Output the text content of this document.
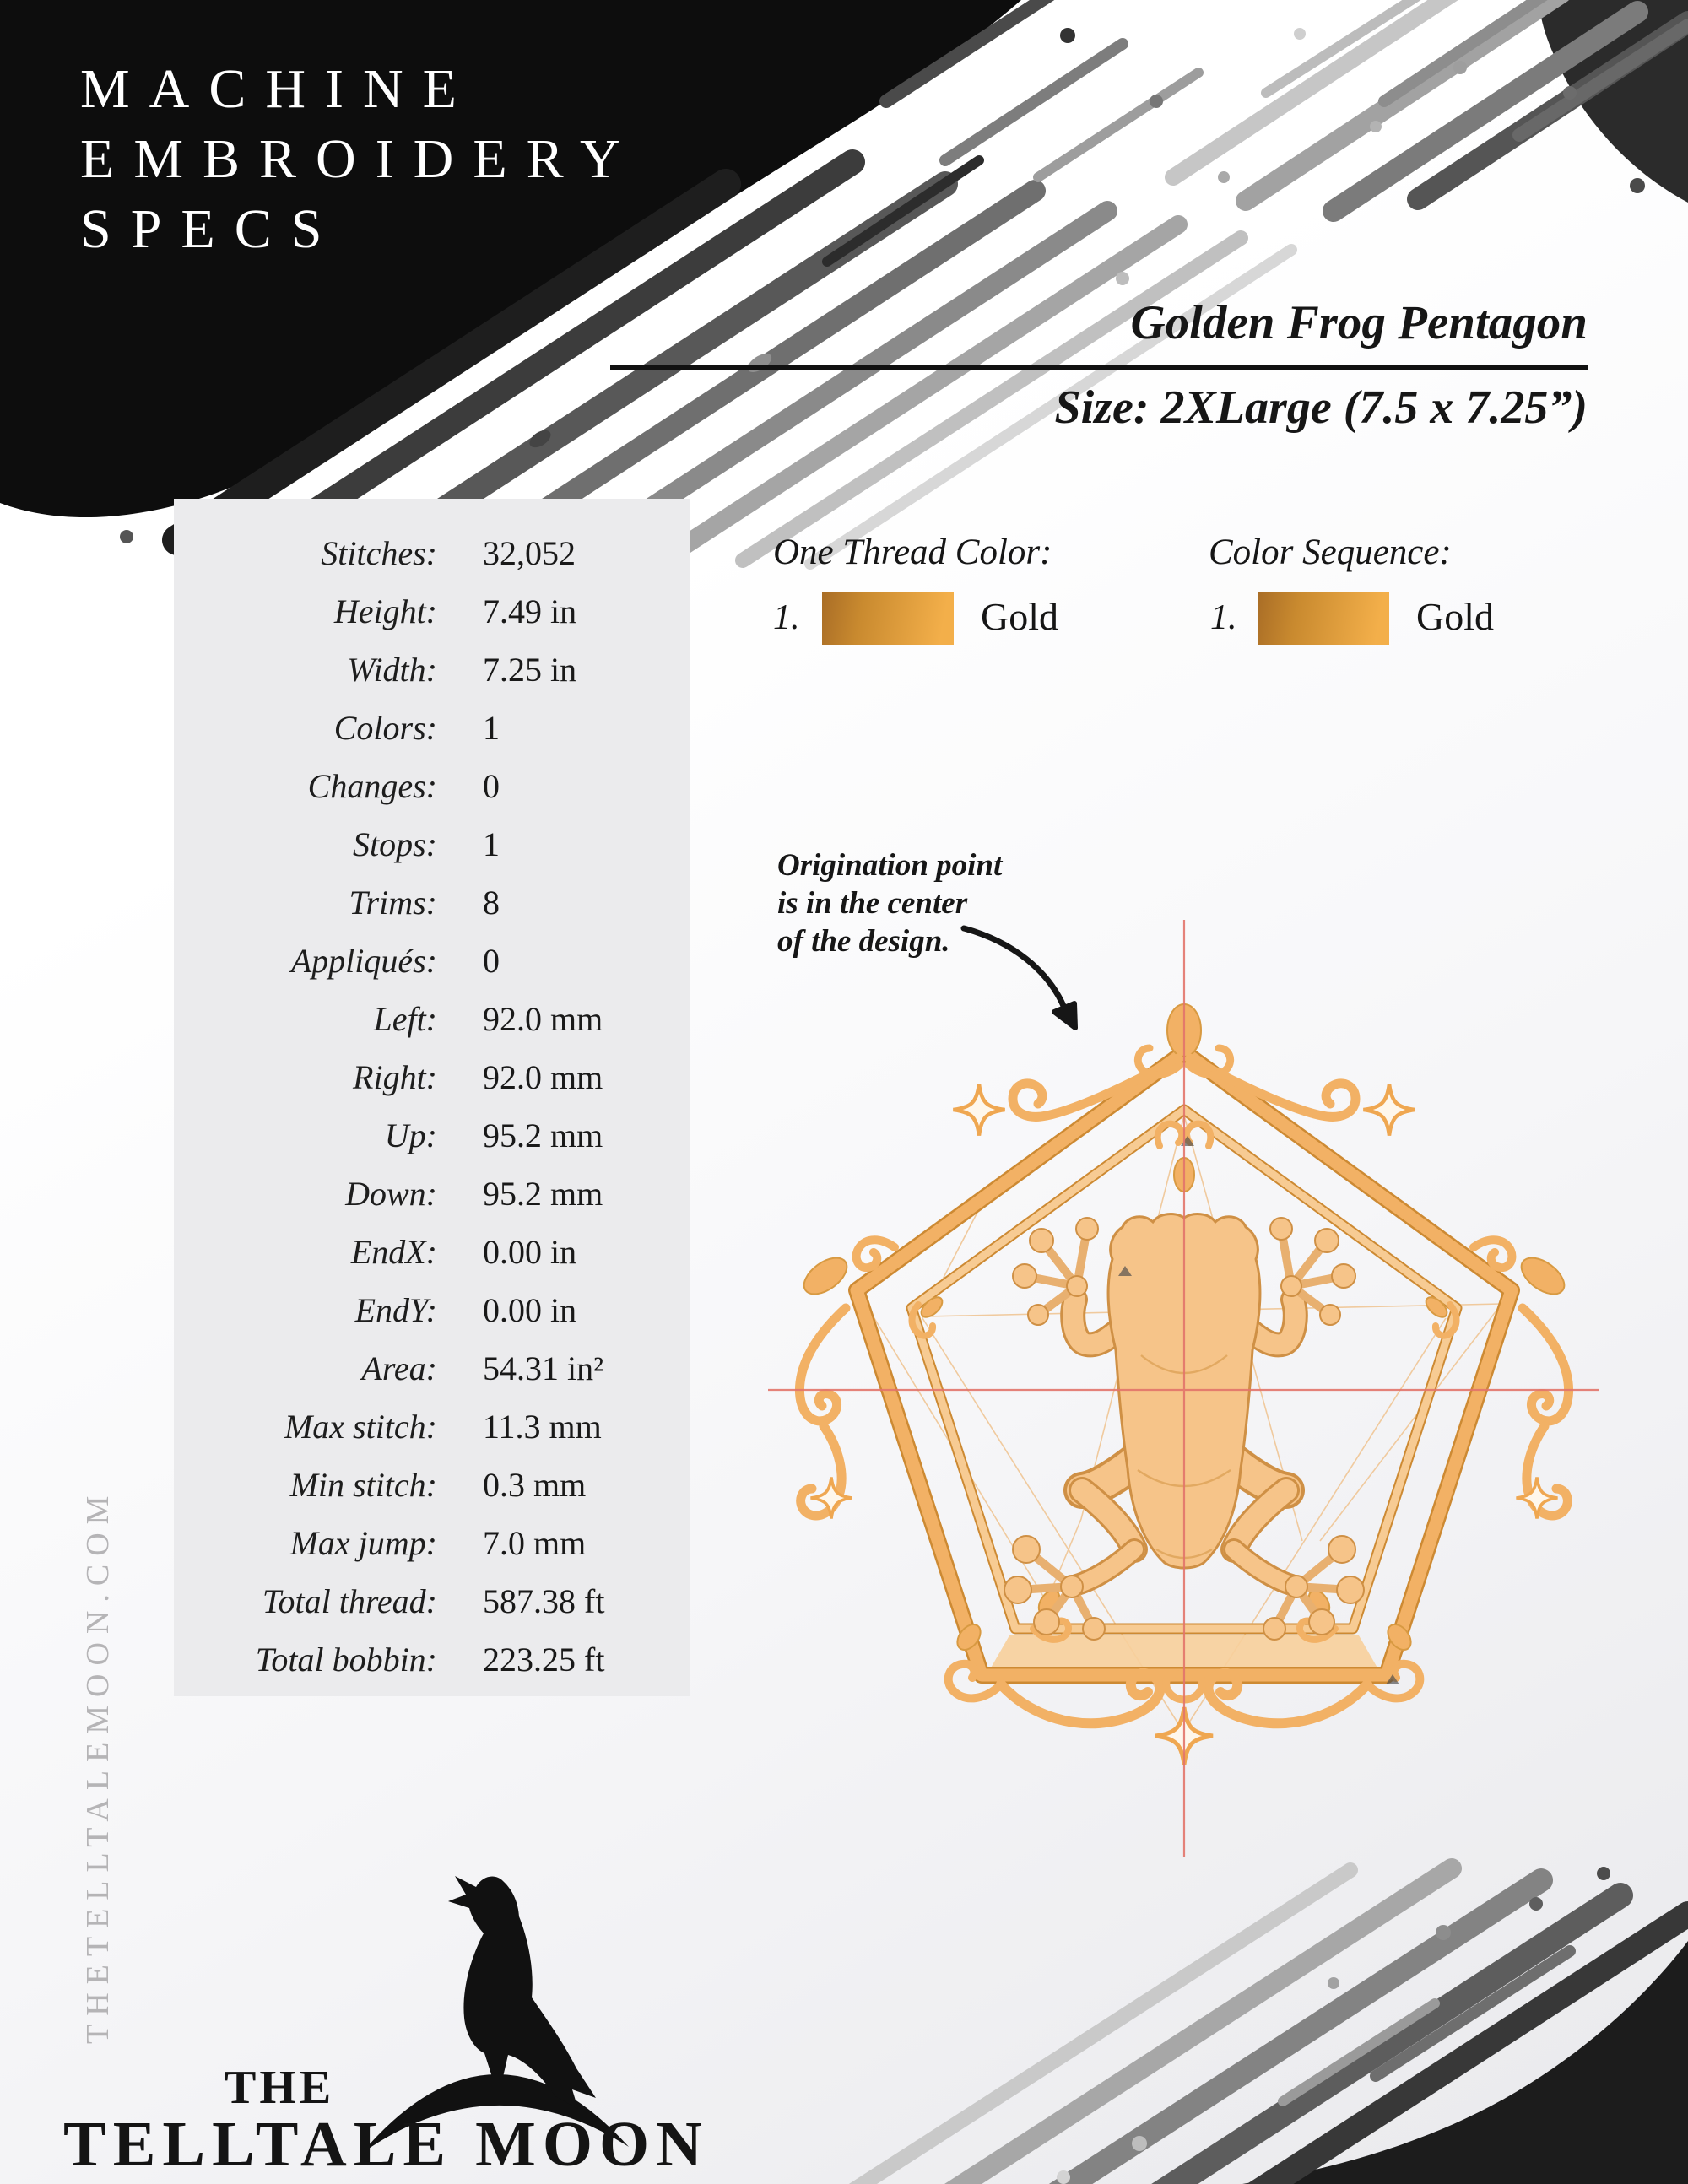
MACHINE
EMBROIDERY
SPECS
Golden Frog Pentagon
Size: 2XLarge (7.5 x 7.25”)
Stitches: 32,052
Height: 7.49 in
Width: 7.25 in
Colors: 1
Changes: 0
Stops: 1
Trims: 8
Appliqués: 0
Left: 92.0 mm
Right: 92.0 mm
Up: 95.2 mm
Down: 95.2 mm
EndX: 0.00 in
EndY: 0.00 in
Area: 54.31 in²
Max stitch: 11.3 mm
Min stitch: 0.3 mm
Max jump: 7.0 mm
Total thread: 587.38 ft
Total bobbin: 223.25 ft
One Thread Color:	Color Sequence:
1.	Gold	1.	Gold
Origination point
is in the center
of the design.
THETELLTALEMOON.COM
THE
TELLTALE MOON
